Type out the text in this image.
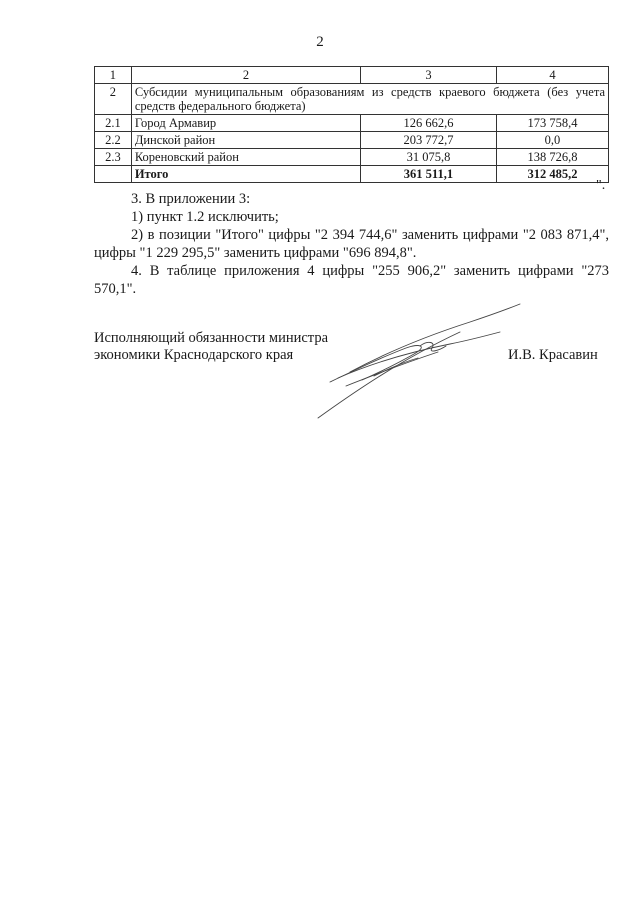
2
1	2	3	4
2	Субсидии муниципальным образованиям из средств краевого бюджета (без учета средств федерального бюджета)		
2.1	Город Армавир	126 662,6	173 758,4
2.2	Динской район	203 772,7	0,0
2.3	Кореновский район	31 075,8	138 726,8
	Итого	361 511,1	312 485,2
".
3. В приложении 3:
1) пункт 1.2 исключить;
2) в позиции "Итого" цифры "2 394 744,6" заменить цифрами "2 083 871,4", цифры "1 229 295,5" заменить цифрами "696 894,8".
4. В таблице приложения 4 цифры "255 906,2" заменить цифрами "273 570,1".
Исполняющий обязанности министра
экономики Краснодарского края	И.В. Красавин
